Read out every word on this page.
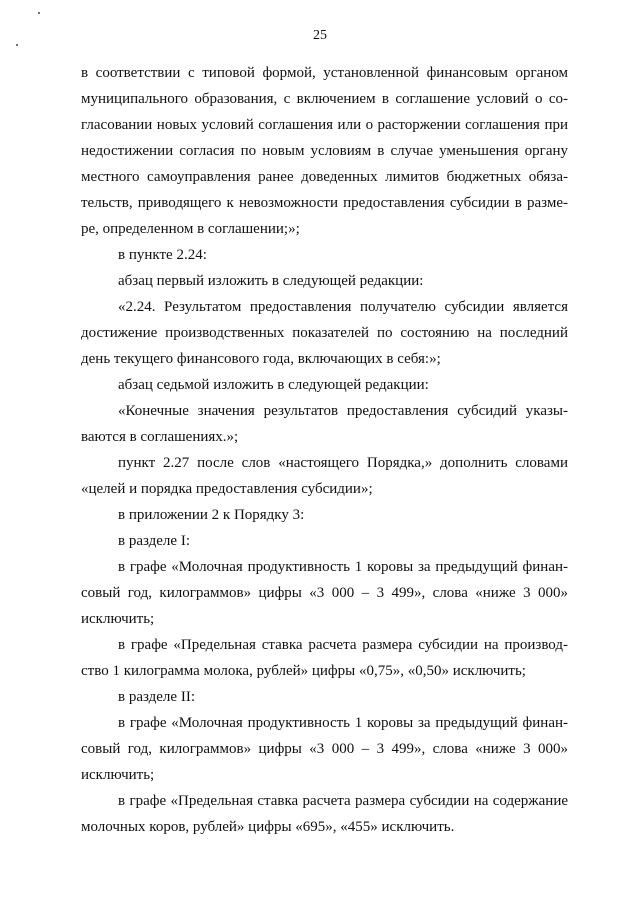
25
в соответствии с типовой формой, установленной финансовым органом
муниципального образования, с включением в соглашение условий о со-
гласовании новых условий соглашения или о расторжении соглашения при
недостижении согласия по новым условиям в случае уменьшения органу
местного самоуправления ранее доведенных лимитов бюджетных обяза-
тельств, приводящего к невозможности предоставления субсидии в разме-
ре, определенном в соглашении;»;
в пункте 2.24:
абзац первый изложить в следующей редакции:
«2.24. Результатом предоставления получателю субсидии является
достижение производственных показателей по состоянию на последний
день текущего финансового года, включающих в себя:»;
абзац седьмой изложить в следующей редакции:
«Конечные значения результатов предоставления субсидий указы-
ваются в соглашениях.»;
пункт 2.27 после слов «настоящего Порядка,» дополнить словами
«целей и порядка предоставления субсидии»;
в приложении 2 к Порядку 3:
в разделе I:
в графе «Молочная продуктивность 1 коровы за предыдущий финан-
совый год, килограммов» цифры «3 000 – 3 499», слова «ниже 3 000»
исключить;
в графе «Предельная ставка расчета размера субсидии на производ-
ство 1 килограмма молока, рублей» цифры «0,75», «0,50» исключить;
в разделе II:
в графе «Молочная продуктивность 1 коровы за предыдущий финан-
совый год, килограммов» цифры «3 000 – 3 499», слова «ниже 3 000»
исключить;
в графе «Предельная ставка расчета размера субсидии на содержание
молочных коров, рублей» цифры «695», «455» исключить.
